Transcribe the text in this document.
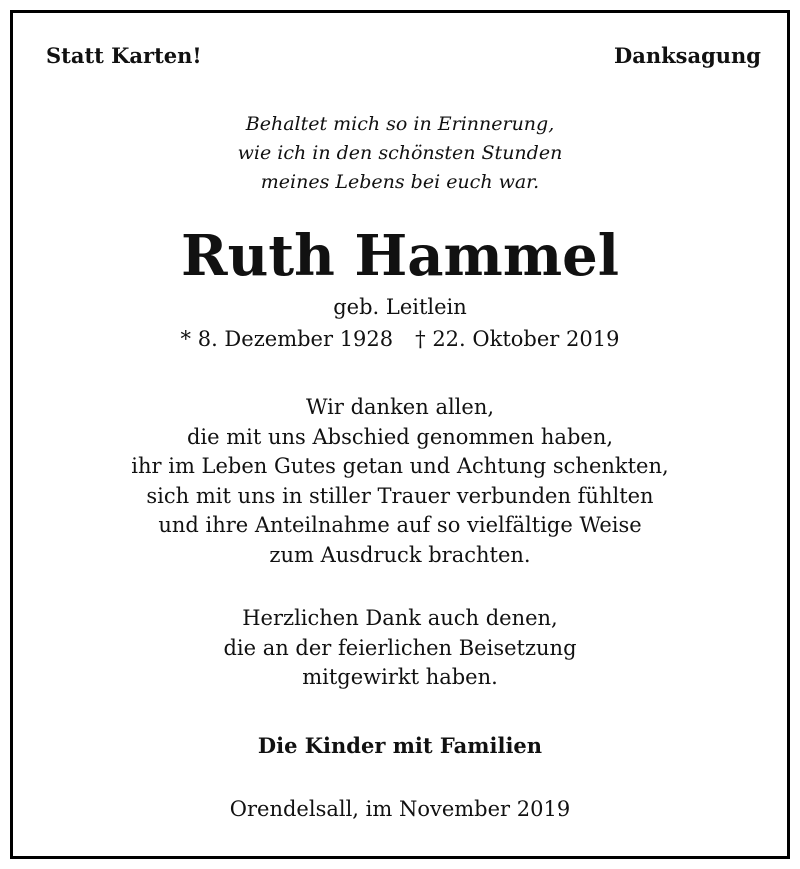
Statt Karten!	Danksagung
Behaltet mich so in Erinnerung,
wie ich in den schönsten Stunden
meines Lebens bei euch war.
Ruth Hammel
geb. Leitlein
* 8. Dezember 1928 † 22. Oktober 2019
Wir danken allen,
die mit uns Abschied genommen haben,
ihr im Leben Gutes getan und Achtung schenkten,
sich mit uns in stiller Trauer verbunden fühlten
und ihre Anteilnahme auf so vielfältige Weise
zum Ausdruck brachten.
Herzlichen Dank auch denen,
die an der feierlichen Beisetzung
mitgewirkt haben.
Die Kinder mit Familien
Orendelsall, im November 2019
